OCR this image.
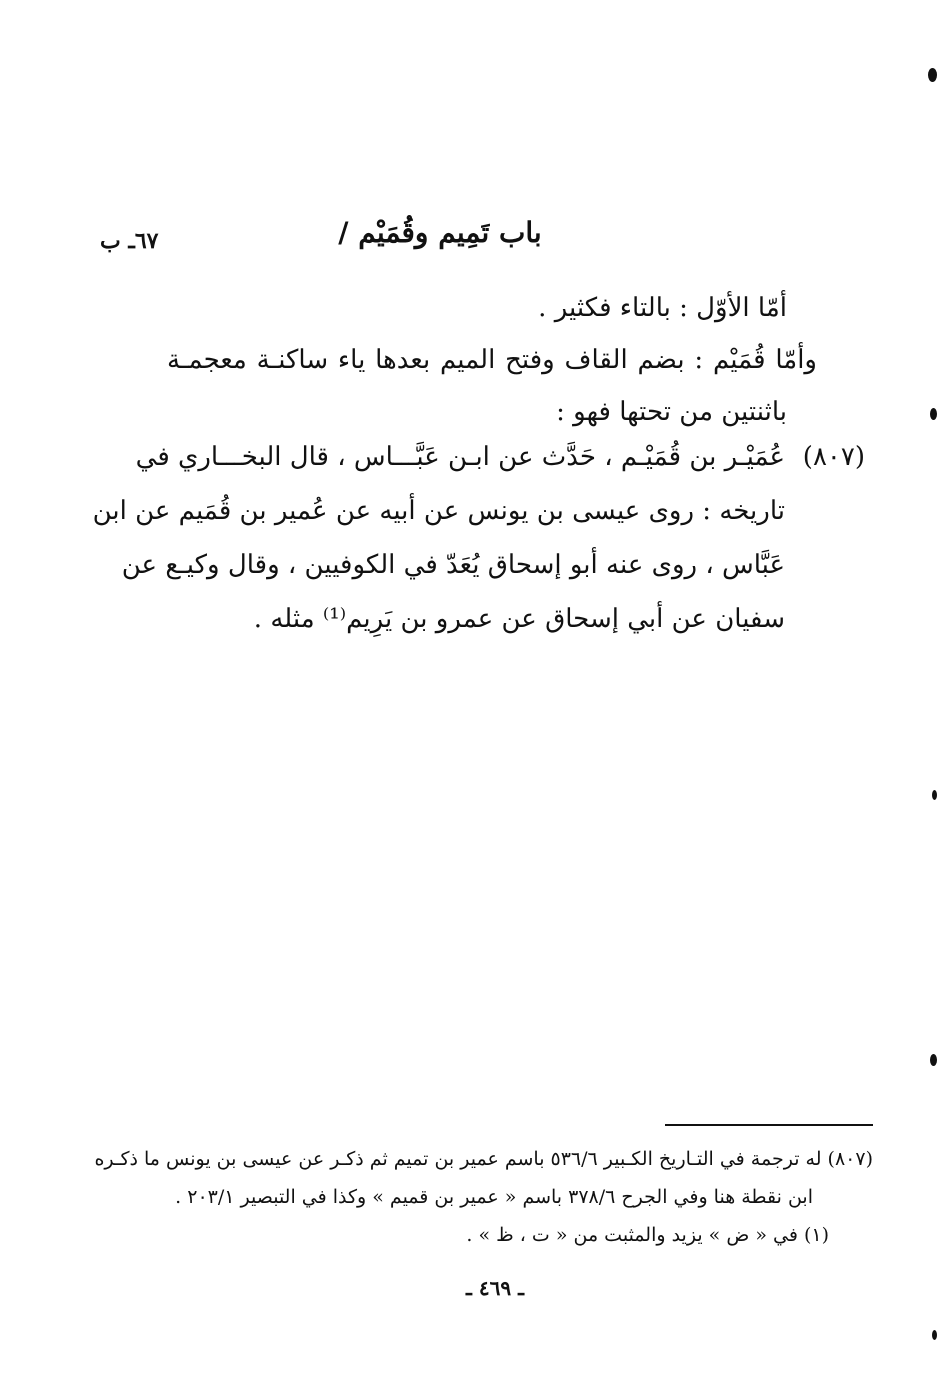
باب تَمِيم وقُمَيْم /
٦٧ـ ب
أمّا الأوّل : بالتاء فكثير .
وأمّا قُمَيْم : بضم القاف وفتح الميم بعدها ياء ساكنـة معجمـة
باثنتين من تحتها فهو :
(٨٠٧)
عُمَيْـر بن قُمَيْـم ، حَدَّث عن ابـن عَبَّـــاس ، قال البخـــاري في
تاريخه : روى عيسى بن يونس عن أبيه عن عُمير بن قُمَيم عن ابن
عَبَّاس ، روى عنه أبو إسحاق يُعَدّ في الكوفيين ، وقال وكيـع عن
سفيان عن أبي إسحاق عن عمرو بن يَرِيم⁽¹⁾ مثله .
(٨٠٧) له ترجمة في التـاريخ الكـبير ٥٣٦/٦ باسم عمير بن تميم ثم ذكـر عن عيسى بن يونس ما ذكـره
ابن نقطة هنا وفي الجرح ٣٧٨/٦ باسم « عمير بن قميم » وكذا في التبصير ٢٠٣/١ .
(١) في « ض » يزيد والمثبت من « ت ، ظ » .
ـ ٤٦٩ ـ
